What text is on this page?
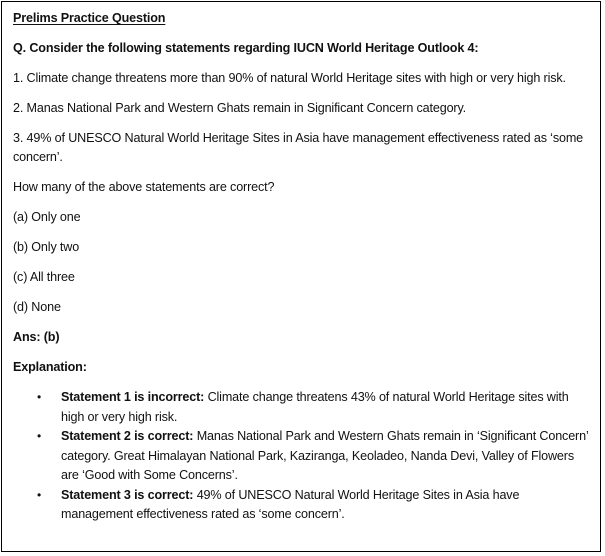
Prelims Practice Question

Q. Consider the following statements regarding IUCN World Heritage Outlook 4:

1. Climate change threatens more than 90% of natural World Heritage sites with high or very high risk.

2. Manas National Park and Western Ghats remain in Significant Concern category.

3. 49% of UNESCO Natural World Heritage Sites in Asia have management effectiveness rated as ‘some concern’.

How many of the above statements are correct?

(a) Only one

(b) Only two

(c) All three

(d) None

Ans: (b)

Explanation:

• Statement 1 is incorrect: Climate change threatens 43% of natural World Heritage sites with high or very high risk.
• Statement 2 is correct: Manas National Park and Western Ghats remain in ‘Significant Concern’ category. Great Himalayan National Park, Kaziranga, Keoladeo, Nanda Devi, Valley of Flowers are ‘Good with Some Concerns’.
• Statement 3 is correct: 49% of UNESCO Natural World Heritage Sites in Asia have management effectiveness rated as ‘some concern’.
